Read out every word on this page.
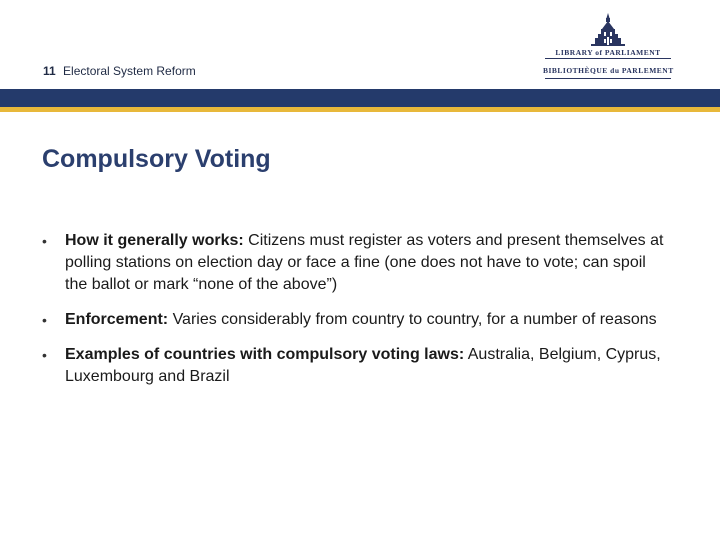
11 Electoral System Reform
LIBRARY of PARLIAMENT
BIBLIOTHÈQUE du PARLEMENT
Compulsory Voting
• How it generally works: Citizens must register as voters and present themselves at polling stations on election day or face a fine (one does not have to vote; can spoil the ballot or mark “none of the above”)
• Enforcement: Varies considerably from country to country, for a number of reasons
• Examples of countries with compulsory voting laws: Australia, Belgium, Cyprus, Luxembourg and Brazil
